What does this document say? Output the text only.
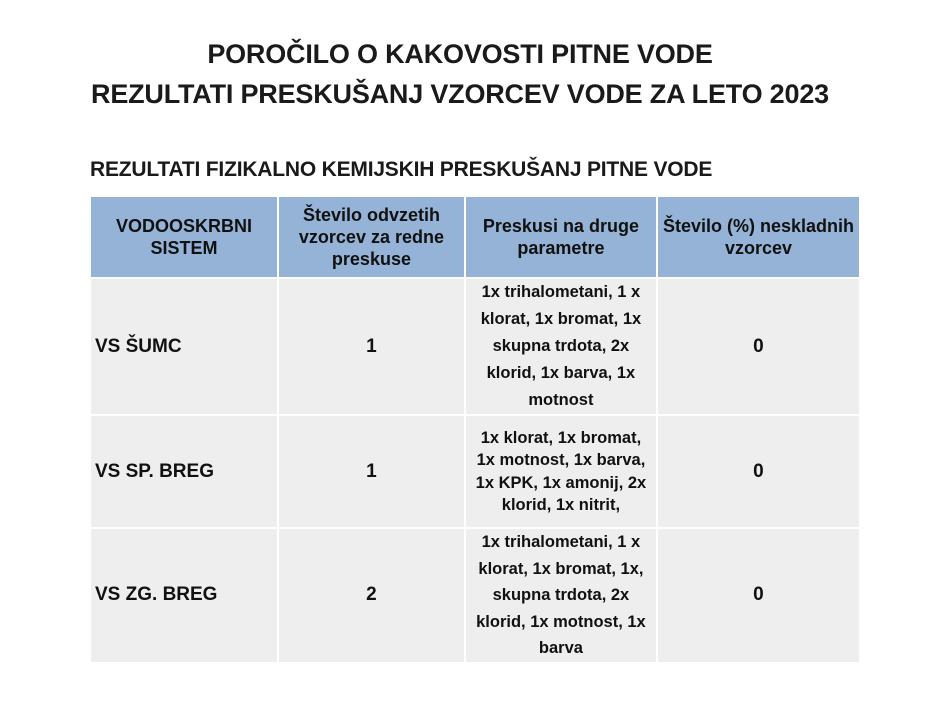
POROČILO O KAKOVOSTI PITNE VODE
REZULTATI PRESKUŠANJ VZORCEV VODE ZA LETO 2023
REZULTATI FIZIKALNO KEMIJSKIH PRESKUŠANJ PITNE VODE
VODOOSKRBNI SISTEM	Število odvzetih vzorcev za redne preskuse	Preskusi na druge parametre	Število (%) neskladnih vzorcev
VS ŠUMC	1	1x trihalometani, 1 x klorat, 1x bromat, 1x skupna trdota, 2x klorid, 1x barva, 1x motnost	0
VS SP. BREG	1	1x klorat, 1x bromat, 1x motnost, 1x barva, 1x KPK, 1x amonij, 2x klorid, 1x nitrit,	0
VS ZG. BREG	2	1x trihalometani, 1 x klorat, 1x bromat, 1x, skupna trdota, 2x klorid, 1x motnost, 1x barva	0
